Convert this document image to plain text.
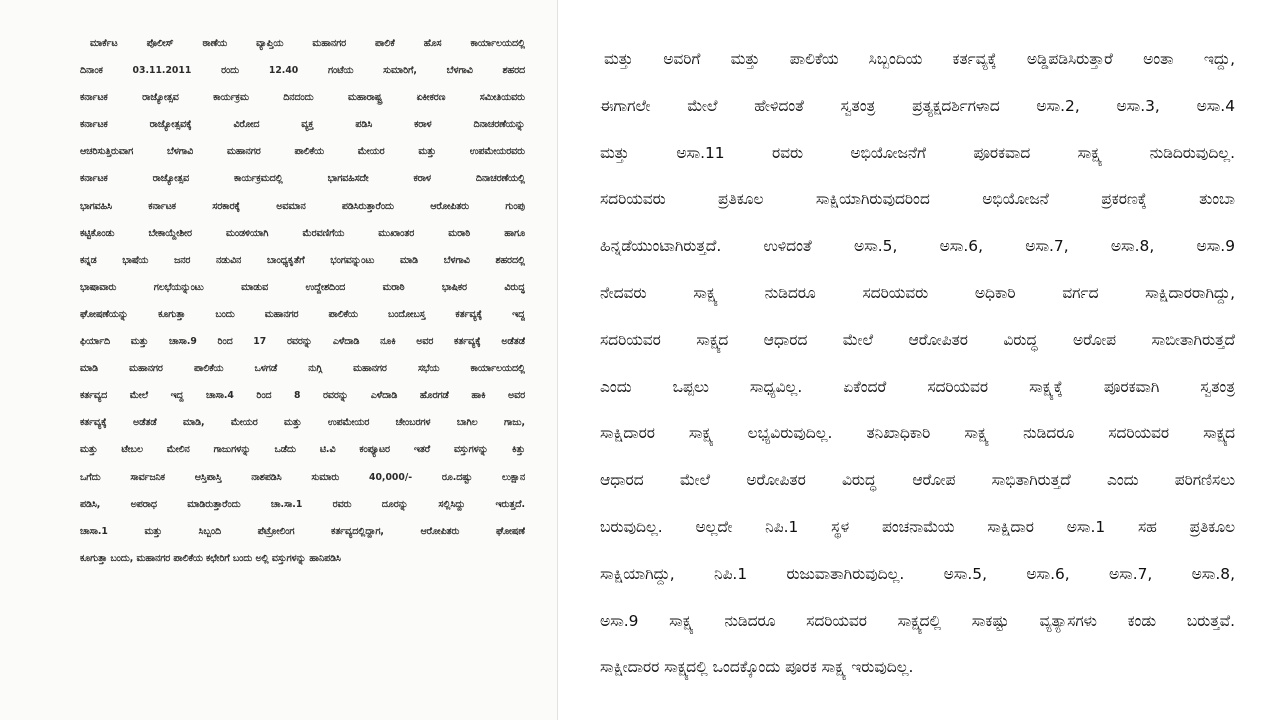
ಮಾರ್ಕೆಟ ಪೊಲೀಸ್ ಠಾಣೆಯ ವ್ಯಾಪ್ತಿಯ ಮಹಾನಗರ ಪಾಲಿಕೆ ಹೊಸ ಕಾರ್ಯಾಲಯದಲ್ಲಿ
ದಿನಾಂಕ 03.11.2011 ರಂದು 12.40 ಗಂಟೆಯ ಸುಮಾರಿಗೆ, ಬೆಳಗಾವಿ ಶಹರದ
ಕರ್ನಾಟಕ ರಾಜ್ಯೋತ್ಸವ ಕಾರ್ಯಕ್ರಮ ದಿನದಂದು ಮಹಾರಾಷ್ಟ್ರ ಏಕೀಕರಣ ಸಮೀತಿಯವರು
ಕರ್ನಾಟಕ ರಾಜ್ಯೋತ್ಸವಕ್ಕೆ ವಿರೋದ ವ್ಯಕ್ತ ಪಡಿಸಿ ಕರಾಳ ದಿನಾಚರಣೆಯನ್ನು
ಆಚರಿಸುತ್ತಿರುವಾಗ ಬೆಳಗಾವಿ ಮಹಾನಗರ ಪಾಲಿಕೆಯ ಮೇಯರ ಮತ್ತು ಉಪಮೇಯರವರು
ಕರ್ನಾಟಕ ರಾಜ್ಯೋತ್ಸವ ಕಾರ್ಯಕ್ರಮದಲ್ಲಿ ಭಾಗವಹಿಸದೇ ಕರಾಳ ದಿನಾಚರಣೆಯಲ್ಲಿ
ಭಾಗವಹಿಸಿ ಕರ್ನಾಟಕ ಸರಕಾರಕ್ಕೆ ಅವಮಾನ ಪಡಿಸಿರುತ್ತಾರೆಂದು ಆರೋಪಿತರು ಗುಂಪು
ಕಟ್ಟಿಕೊಂಡು ಬೇಕಾಯ್ದೇಶೀರ ಮಂಡಳಿಯಾಗಿ ಮೆರವಣಿಗೆಯ ಮುಖಾಂತರ ಮರಾಠಿ ಹಾಗೂ
ಕನ್ನಡ ಭಾಷೆಯ ಜನರ ನಡುವಿನ ಬಾಂಧ್ಯಕೃತೆಗೆ ಭಂಗವನ್ನುಂಟು ಮಾಡಿ ಬೆಳಗಾವಿ ಶಹರದಲ್ಲಿ
ಭಾಷಾವಾರು ಗಲಭೆಯನ್ನುಂಟು ಮಾಡುವ ಉದ್ದೇಶದಿಂದ ಮರಾಠಿ ಭಾಷಿಕರ ವಿರುದ್ಧ
ಘೋಷಣೆಯನ್ನು ಕೂಗುತ್ತಾ ಬಂದು ಮಹಾನಗರ ಪಾಲಿಕೆಯ ಬಂದೋಬಸ್ತ ಕರ್ತವ್ಯಕ್ಕೆ ಇದ್ದ
ಫಿರ್ಯಾದಿ ಮತ್ತು ಚಾಸಾ.9 ರಿಂದ 17 ರವರನ್ನು ಎಳೆದಾಡಿ ನೂಕಿ ಅವರ ಕರ್ತವ್ಯಕ್ಕೆ ಅಡೆತಡೆ
ಮಾಡಿ ಮಹಾನಗರ ಪಾಲಿಕೆಯ ಒಳಗಡೆ ನುಗ್ಗಿ ಮಹಾನಗರ ಸಭೆಯ ಕಾರ್ಯಾಲಯದಲ್ಲಿ
ಕರ್ತವ್ಯದ ಮೇಲೆ ಇದ್ದ ಚಾಸಾ.4 ರಿಂದ 8 ರವರನ್ನು ಎಳೆದಾಡಿ ಹೊರಗಡೆ ಹಾಕಿ ಅವರ
ಕರ್ತವ್ಯಕ್ಕೆ ಅಡೆತಡೆ ಮಾಡಿ, ಮೇಯರ ಮತ್ತು ಉಪಮೇಯರ ಚೇಂಬರಗಳ ಬಾಗಿಲ ಗಾಜು,
ಮತ್ತು ಟೇಬಲ ಮೇಲಿನ ಗಾಜುಗಳನ್ನು ಒಡೆದು ಟಿ.ವಿ ಕಂಪ್ಯೂಟರ ಇತರೆ ವಸ್ತುಗಳನ್ನು ಕಿತ್ತು
ಒಗೆದು ಸಾರ್ವಜನಿಕ ಆಸ್ತಿಪಾಸ್ತಿ ನಾಶಪಡಿಸಿ ಸುಮಾರು 40,000/- ರೂ.ದಷ್ಟು ಲುಕ್ಷಾನ
ಪಡಿಸಿ, ಅಪರಾಧ ಮಾಡಿರುತ್ತಾರೆಂದು ಚಾ.ಸಾ.1 ರವರು ದೂರನ್ನು ಸಲ್ಲಿಸಿದ್ದು ಇರುತ್ತದೆ.
ಚಾಸಾ.1 ಮತ್ತು ಸಿಬ್ಬಂದಿ ಪೆಟ್ರೋಲಿಂಗ ಕರ್ತವ್ಯದಲ್ಲಿದ್ದಾಗ, ಆರೋಪಿತರು ಘೋಷಣೆ
ಕೂಗುತ್ತಾ ಬಂದು, ಮಹಾನಗರ ಪಾಲಿಕೆಯ ಕಛೇರಿಗೆ ಬಂದು ಅಲ್ಲಿ ವಸ್ತುಗಳನ್ನು ಹಾನಿಪಡಿಸಿ
ಮತ್ತು ಅವರಿಗೆ ಮತ್ತು ಪಾಲಿಕೆಯ ಸಿಬ್ಬಂದಿಯ ಕರ್ತವ್ಯಕ್ಕೆ ಅಡ್ಡಿಪಡಿಸಿರುತ್ತಾರೆ ಅಂತಾ ಇದ್ದು,
ಈಗಾಗಲೇ ಮೇಲೆ ಹೇಳಿದಂತೆ ಸ್ವತಂತ್ರ ಪ್ರತ್ಯಕ್ಷದರ್ಶಿಗಳಾದ ಅಸಾ.2, ಅಸಾ.3, ಅಸಾ.4
ಮತ್ತು ಅಸಾ.11 ರವರು ಅಭಿಯೋಜನೆಗೆ ಪೂರಕವಾದ ಸಾಕ್ಷ್ಯ ನುಡಿದಿರುವುದಿಲ್ಲ.
ಸದರಿಯವರು ಪ್ರತಿಕೂಲ ಸಾಕ್ಷಿಯಾಗಿರುವುದರಿಂದ ಅಭಿಯೋಜನೆ ಪ್ರಕರಣಕ್ಕೆ ತುಂಬಾ
ಹಿನ್ನಡೆಯುಂಟಾಗಿರುತ್ತದೆ. ಉಳಿದಂತೆ ಅಸಾ.5, ಅಸಾ.6, ಅಸಾ.7, ಅಸಾ.8, ಅಸಾ.9
ನೇದವರು ಸಾಕ್ಷ್ಯ ನುಡಿದರೂ ಸದರಿಯವರು ಅಧಿಕಾರಿ ವರ್ಗದ ಸಾಕ್ಷಿದಾರರಾಗಿದ್ದು,
ಸದರಿಯವರ ಸಾಕ್ಷ್ಯದ ಆಧಾರದ ಮೇಲೆ ಆರೋಪಿತರ ವಿರುದ್ಧ ಅರೋಪ ಸಾಬೀತಾಗಿರುತ್ತದೆ
ಎಂದು ಒಪ್ಪಲು ಸಾಧ್ಯವಿಲ್ಲ. ಏಕೆಂದರೆ ಸದರಿಯವರ ಸಾಕ್ಷ್ಯಕ್ಕೆ ಪೂರಕವಾಗಿ ಸ್ವತಂತ್ರ
ಸಾಕ್ಷಿದಾರರ ಸಾಕ್ಷ್ಯ ಲಭ್ಯವಿರುವುದಿಲ್ಲ. ತನಿಖಾಧಿಕಾರಿ ಸಾಕ್ಷ್ಯ ನುಡಿದರೂ ಸದರಿಯವರ ಸಾಕ್ಷ್ಯದ
ಆಧಾರದ ಮೇಲೆ ಅರೋಪಿತರ ವಿರುದ್ಧ ಆರೋಪ ಸಾಭಿತಾಗಿರುತ್ತದೆ ಎಂದು ಪರಿಗಣಿಸಲು
ಬರುವುದಿಲ್ಲ. ಅಲ್ಲದೇ ನಿಪಿ.1 ಸ್ಥಳ ಪಂಚನಾಮೆಯ ಸಾಕ್ಷಿದಾರ ಅಸಾ.1 ಸಹ ಪ್ರತಿಕೂಲ
ಸಾಕ್ಷಿಯಾಗಿದ್ದು, ನಿಪಿ.1 ರುಜುವಾತಾಗಿರುವುದಿಲ್ಲ. ಅಸಾ.5, ಅಸಾ.6, ಅಸಾ.7, ಅಸಾ.8,
ಅಸಾ.9 ಸಾಕ್ಷ್ಯ ನುಡಿದರೂ ಸದರಿಯವರ ಸಾಕ್ಷ್ಯದಲ್ಲಿ ಸಾಕಷ್ಟು ವ್ಯತ್ಯಾಸಗಳು ಕಂಡು ಬರುತ್ತವೆ.
ಸಾಕ್ಷೀದಾರರ ಸಾಕ್ಷ್ಯದಲ್ಲಿ ಒಂದಕ್ಕೊಂದು ಪೂರಕ ಸಾಕ್ಷ್ಯ ಇರುವುದಿಲ್ಲ.
